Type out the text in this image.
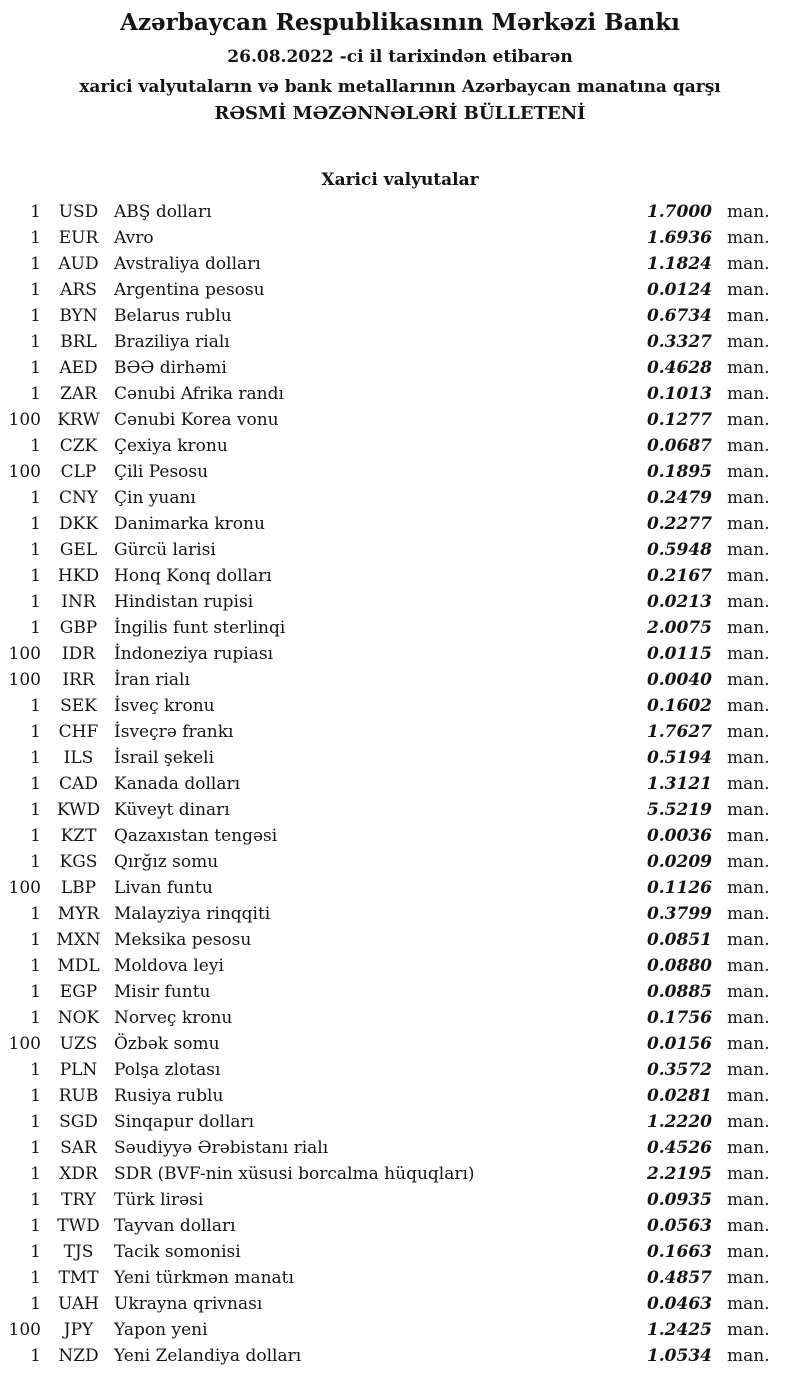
Azərbaycan Respublikasının Mərkəzi Bankı
26.08.2022 -ci il tarixindən etibarən
xarici valyutaların və bank metallarının Azərbaycan manatına qarşı
RƏSMİ MƏZƏNNƏLƏRİ BÜLLETENİ
Xarici valyutalar
1	USD ABŞ dolları	1.7000 man.
1	EUR Avro	1.6936 man.
1	AUD Avstraliya dolları	1.1824 man.
1	ARS	Argentina pesosu	0.0124 man.
1	BYN Belarus rublu	0.6734 man.
1	BRL	Braziliya rialı	0.3327 man.
1	AED BƏƏ dirhəmi	0.4628 man.
1	ZAR	Cənubi Afrika randı	0.1013 man.
100 KRW Cənubi Korea vonu	0.1277 man.
1	CZK Çexiya kronu	0.0687 man.
100	CLP	Çili Pesosu	0.1895 man.
1	CNY Çin yuanı	0.2479 man.
1	DKK Danimarka kronu	0.2277 man.
1	GEL Gürcü larisi	0.5948 man.
1 HKD Honq Konq dolları	0.2167 man.
1	INR	Hindistan rupisi	0.0213 man.
1	GBP İngilis funt sterlinqi	2.0075 man.
100	IDR	İndoneziya rupiası	0.0115 man.
100	IRR	İran rialı	0.0040 man.
1	SEK	İsveç kronu	0.1602 man.
1	CHF İsveçrə frankı	1.7627 man.
1	ILS	İsrail şekeli	0.5194 man.
1	CAD Kanada dolları	1.3121 man.
1 KWD Küveyt dinarı	5.5219 man.
1	KZT	Qazaxıstan tengəsi	0.0036 man.
1	KGS Qırğız somu	0.0209 man.
100	LBP	Livan funtu	0.1126 man.
1 MYR Malayziya rinqqiti	0.3799 man.
1 MXN Meksika pesosu	0.0851 man.
1 MDL Moldova leyi	0.0880 man.
1	EGP Misir funtu	0.0885 man.
1 NOK Norveç kronu	0.1756 man.
100	UZS Özbək somu	0.0156 man.
1	PLN Polşa zlotası	0.3572 man.
1	RUB Rusiya rublu	0.0281 man.
1	SGD Sinqapur dolları	1.2220 man.
1	SAR	Səudiyyə Ərəbistanı rialı	0.4526 man.
1	XDR SDR (BVF-nin xüsusi borcalma hüquqları)	2.2195 man.
1	TRY	Türk lirəsi	0.0935 man.
1 TWD Tayvan dolları	0.0563 man.
1	TJS	Tacik somonisi	0.1663 man.
1	TMT Yeni türkmən manatı	0.4857 man.
1	UAH Ukrayna qrivnası	0.0463 man.
100	JPY	Yapon yeni	1.2425 man.
1	NZD Yeni Zelandiya dolları	1.0534 man.
